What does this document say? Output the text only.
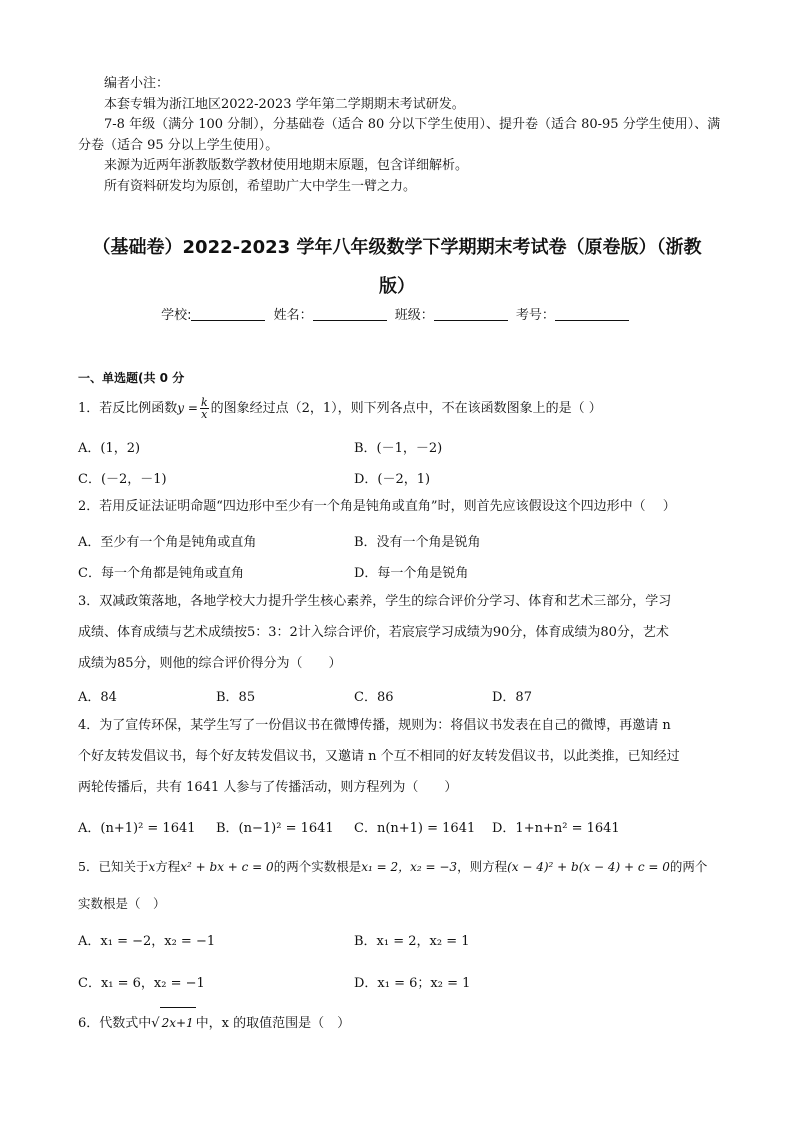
编者小注：

本套专辑为浙江地区2022-2023 学年第二学期期末考试研发。

7-8 年级（满分 100 分制），分基础卷（适合 80 分以下学生使用）、提升卷（适合 80-95 分学生使用）、满分卷（适合 95 分以上学生使用）。

来源为近两年浙教版数学教材使用地期末原题，包含详细解析。

所有资料研发均为原创，希望助广大中学生一臂之力。

（基础卷）2022-2023 学年八年级数学下学期期末考试卷（原卷版）（浙教
版）
学校:	姓名：	班级：	考号：
一、单选题(共 0 分
1．若反比例函数$y = \frac{k}{x}$ 的图象经过点（2，1），则下列各点中，不在该函数图象上的是（ ）
A．(1，2)	B．(－1，－2)
C．(－2，－1)	D．(－2，1)
2．若用反证法证明命题“四边形中至少有一个角是钝角或直角”时，则首先应该假设这个四边形中（　 ）
A．至少有一个角是钝角或直角	B．没有一个角是锐角
C．每一个角都是钝角或直角	D．每一个角是锐角
3．双减政策落地，各地学校大力提升学生核心素养，学生的综合评价分学习、体育和艺术三部分，学习
成绩、体育成绩与艺术成绩按5：3：2计入综合评价，若宸宸学习成绩为90分，体育成绩为80分，艺术
成绩为85分，则他的综合评价得分为（　　）
A．84	B．85	C．86	D．87
4．为了宣传环保，某学生写了一份倡议书在微博传播，规则为：将倡议书发表在自己的微博，再邀请 n
个好友转发倡议书，每个好友转发倡议书，又邀请 n 个互不相同的好友转发倡议书，以此类推，已知经过
两轮传播后，共有 1641 人参与了传播活动，则方程列为（　　）
A．(n+1)² = 1641 B．(n−1)² = 1641 C．n(n+1) = 1641 D．1+n+n² = 1641
5．已知关于x方程x² + bx + c = 0的两个实数根是x₁ = 2，x₂ = −3，则方程(x − 4)² + b(x − 4) + c = 0的两个
实数根是（　）
A．x₁ = −2，x₂ = −1	B．x₁ = 2，x₂ = 1
C．x₁ = 6，x₂ = −1	D．x₁ = 6；x₂ = 1
6．代数式中√ 2x+1 中，x 的取值范围是（　）
